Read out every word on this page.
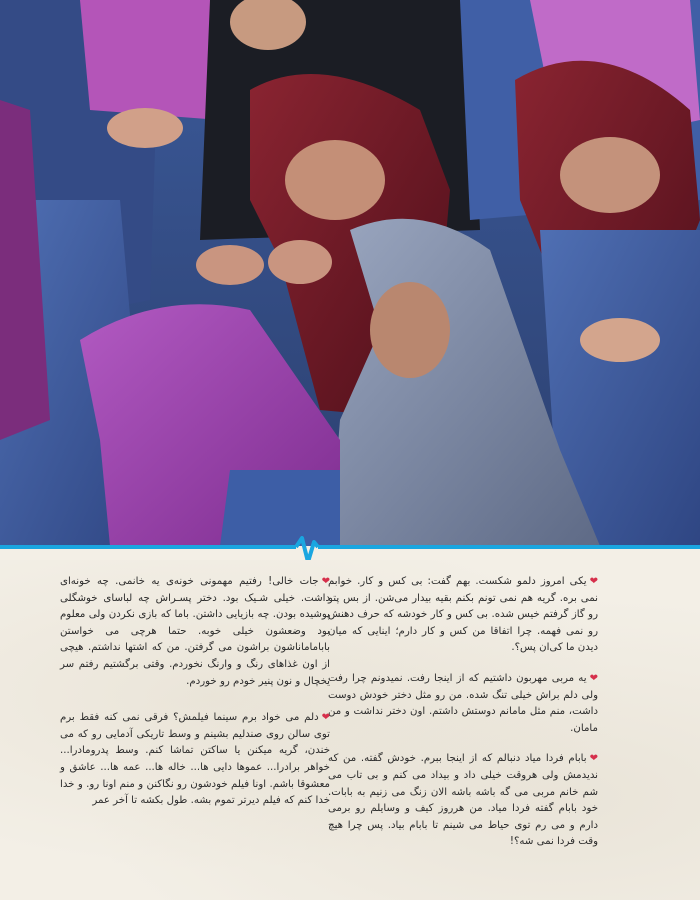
❤یکی امروز دلمو شکست. بهم گفت: بی کس و کار. خوابم نمی بره. گریه هم نمی تونم بکنم بقیه بیدار می‌شن. از بس پتو رو گاز گرفتم خیس شده. بی کس و کار خودشه که حرف دهنش رو نمی فهمه. چرا اتفاقا من کس و کار دارم؛ اینایی که میان دیدن ما کی‌ان پس؟.

❤یه مربی مهربون داشتیم که از اینجا رفت. نمیدونم چرا رفت ولی دلم براش خیلی تنگ شده. من رو مثل دختر خودش دوست داشت، منم مثل مامانم دوستش داشتم. اون دختر نداشت و من مامان.

❤بابام فردا میاد دنبالم که از اینجا ببرم. خودش گفته. من که ندیدمش ولی هروقت خیلی داد و بیداد می کنم و بی تاب می شم خانم مربی می گه باشه باشه الان زنگ می زنیم به بابات. خود بابام گفته فردا میاد. من هرروز کیف و وسایلم رو برمی دارم و می رم توی حیاط می شینم تا بابام بیاد. پس چرا هیچ وقت فردا نمی شه؟!

❤جات خالی! رفتیم مهمونی خونه‌ی یه خانمی. چه خونه‌ای داشت. خیلی شـیک بود. دختر پسـراش چه لباسای خوشگلی پوشیده بودن. چه بازیایی داشتن. باما که بازی نکردن ولی معلوم بود وضعشون خیلی خوبه. حتما هرچی می خواستن باباماماناشون براشون می گرفتن. من که اشتها نداشتم. هیچی از اون غذاهای رنگ و وارنگ نخوردم. وقتی برگشتیم رفتم سر یخچال و نون پنیر خودم رو خوردم.

❤دلم می خواد برم سینما فیلمش؟ فرقی نمی کنه فقط برم توی سالن روی صندلیم بشینم و وسط تاریکی آدمایی رو که می خندن، گریه میکنن یا ساکتن تماشا کنم. وسط پدرومادرا... خواهر برادرا... عموها دایی ها... خاله ها... عمه ها... عاشق و معشوقا باشم. اونا فیلم خودشون رو نگاکنن و منم اونا رو. و خدا خدا کنم که فیلم دیرتر تموم بشه. طول بکشه تا آخر عمر
